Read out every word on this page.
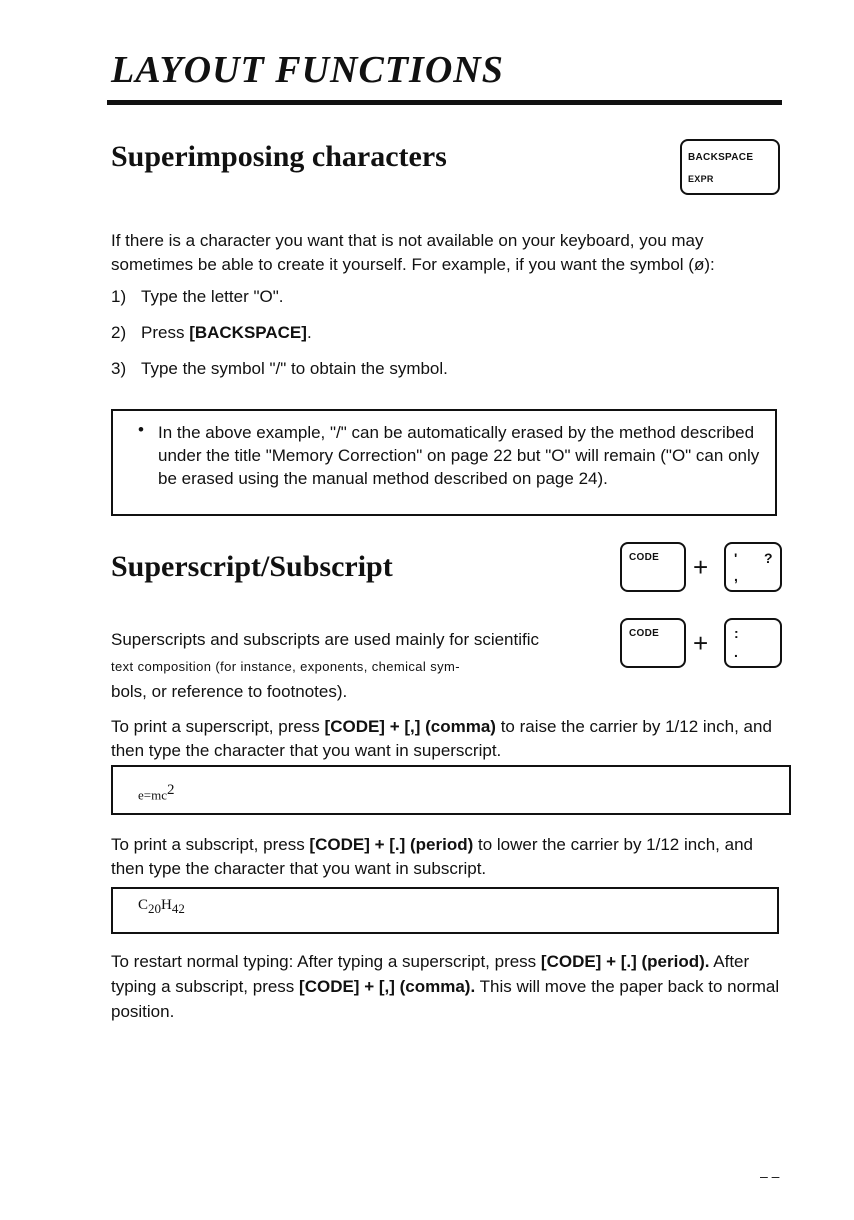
LAYOUT FUNCTIONS
Superimposing characters	BACKSPACE
EXPR

If there is a character you want that is not available on your keyboard, you may sometimes be able to create it yourself. For example, if you want the symbol (ø):

1) Type the letter "O".

2) Press [BACKSPACE].

3) Type the symbol "/" to obtain the symbol.

• In the above example, "/" can be automatically erased by the method described under the title "Memory Correction" on page 22 but "O" will remain ("O" can only be erased using the manual method described on page 24).

Superscript/Subscript	CODE + ' ?
,
CODE + :
.

Superscripts and subscripts are used mainly for scientific

text composition (for instance, exponents, chemical sym-

bols, or reference to footnotes).

To print a superscript, press [CODE] + [,] (comma) to raise the carrier by 1/12 inch, and then type the character that you want in superscript.

$e=mc^2$

To print a subscript, press [CODE] + [.] (period) to lower the carrier by 1/12 inch, and then type the character that you want in subscript.

$C_{20}H_{42}$

To restart normal typing: After typing a superscript, press [CODE] + [.] (period). After typing a subscript, press [CODE] + [,] (comma). This will move the paper back to normal position.

– –
